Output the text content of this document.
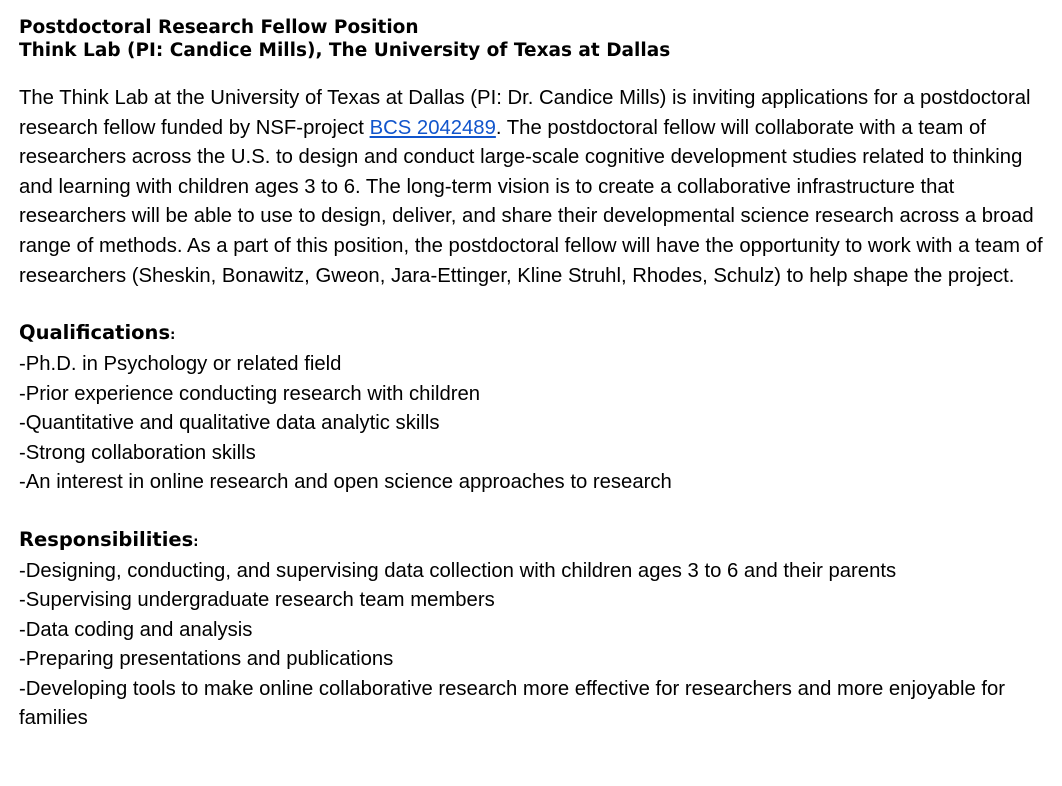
Postdoctoral Research Fellow Position

Think Lab (PI: Candice Mills), The University of Texas at Dallas

The Think Lab at the University of Texas at Dallas (PI: Dr. Candice Mills) is inviting applications for a postdoctoral research fellow funded by NSF-project BCS 2042489. The postdoctoral fellow will collaborate with a team of researchers across the U.S. to design and conduct large-scale cognitive development studies related to thinking and learning with children ages 3 to 6. The long-term vision is to create a collaborative infrastructure that researchers will be able to use to design, deliver, and share their developmental science research across a broad range of methods. As a part of this position, the postdoctoral fellow will have the opportunity to work with a team of researchers (Sheskin, Bonawitz, Gweon, Jara-Ettinger, Kline Struhl, Rhodes, Schulz) to help shape the project.

Qualifications:

-Ph.D. in Psychology or related field

-Prior experience conducting research with children

-Quantitative and qualitative data analytic skills

-Strong collaboration skills

-An interest in online research and open science approaches to research

Responsibilities:

-Designing, conducting, and supervising data collection with children ages 3 to 6 and their parents

-Supervising undergraduate research team members

-Data coding and analysis

-Preparing presentations and publications

-Developing tools to make online collaborative research more effective for researchers and more enjoyable for families
